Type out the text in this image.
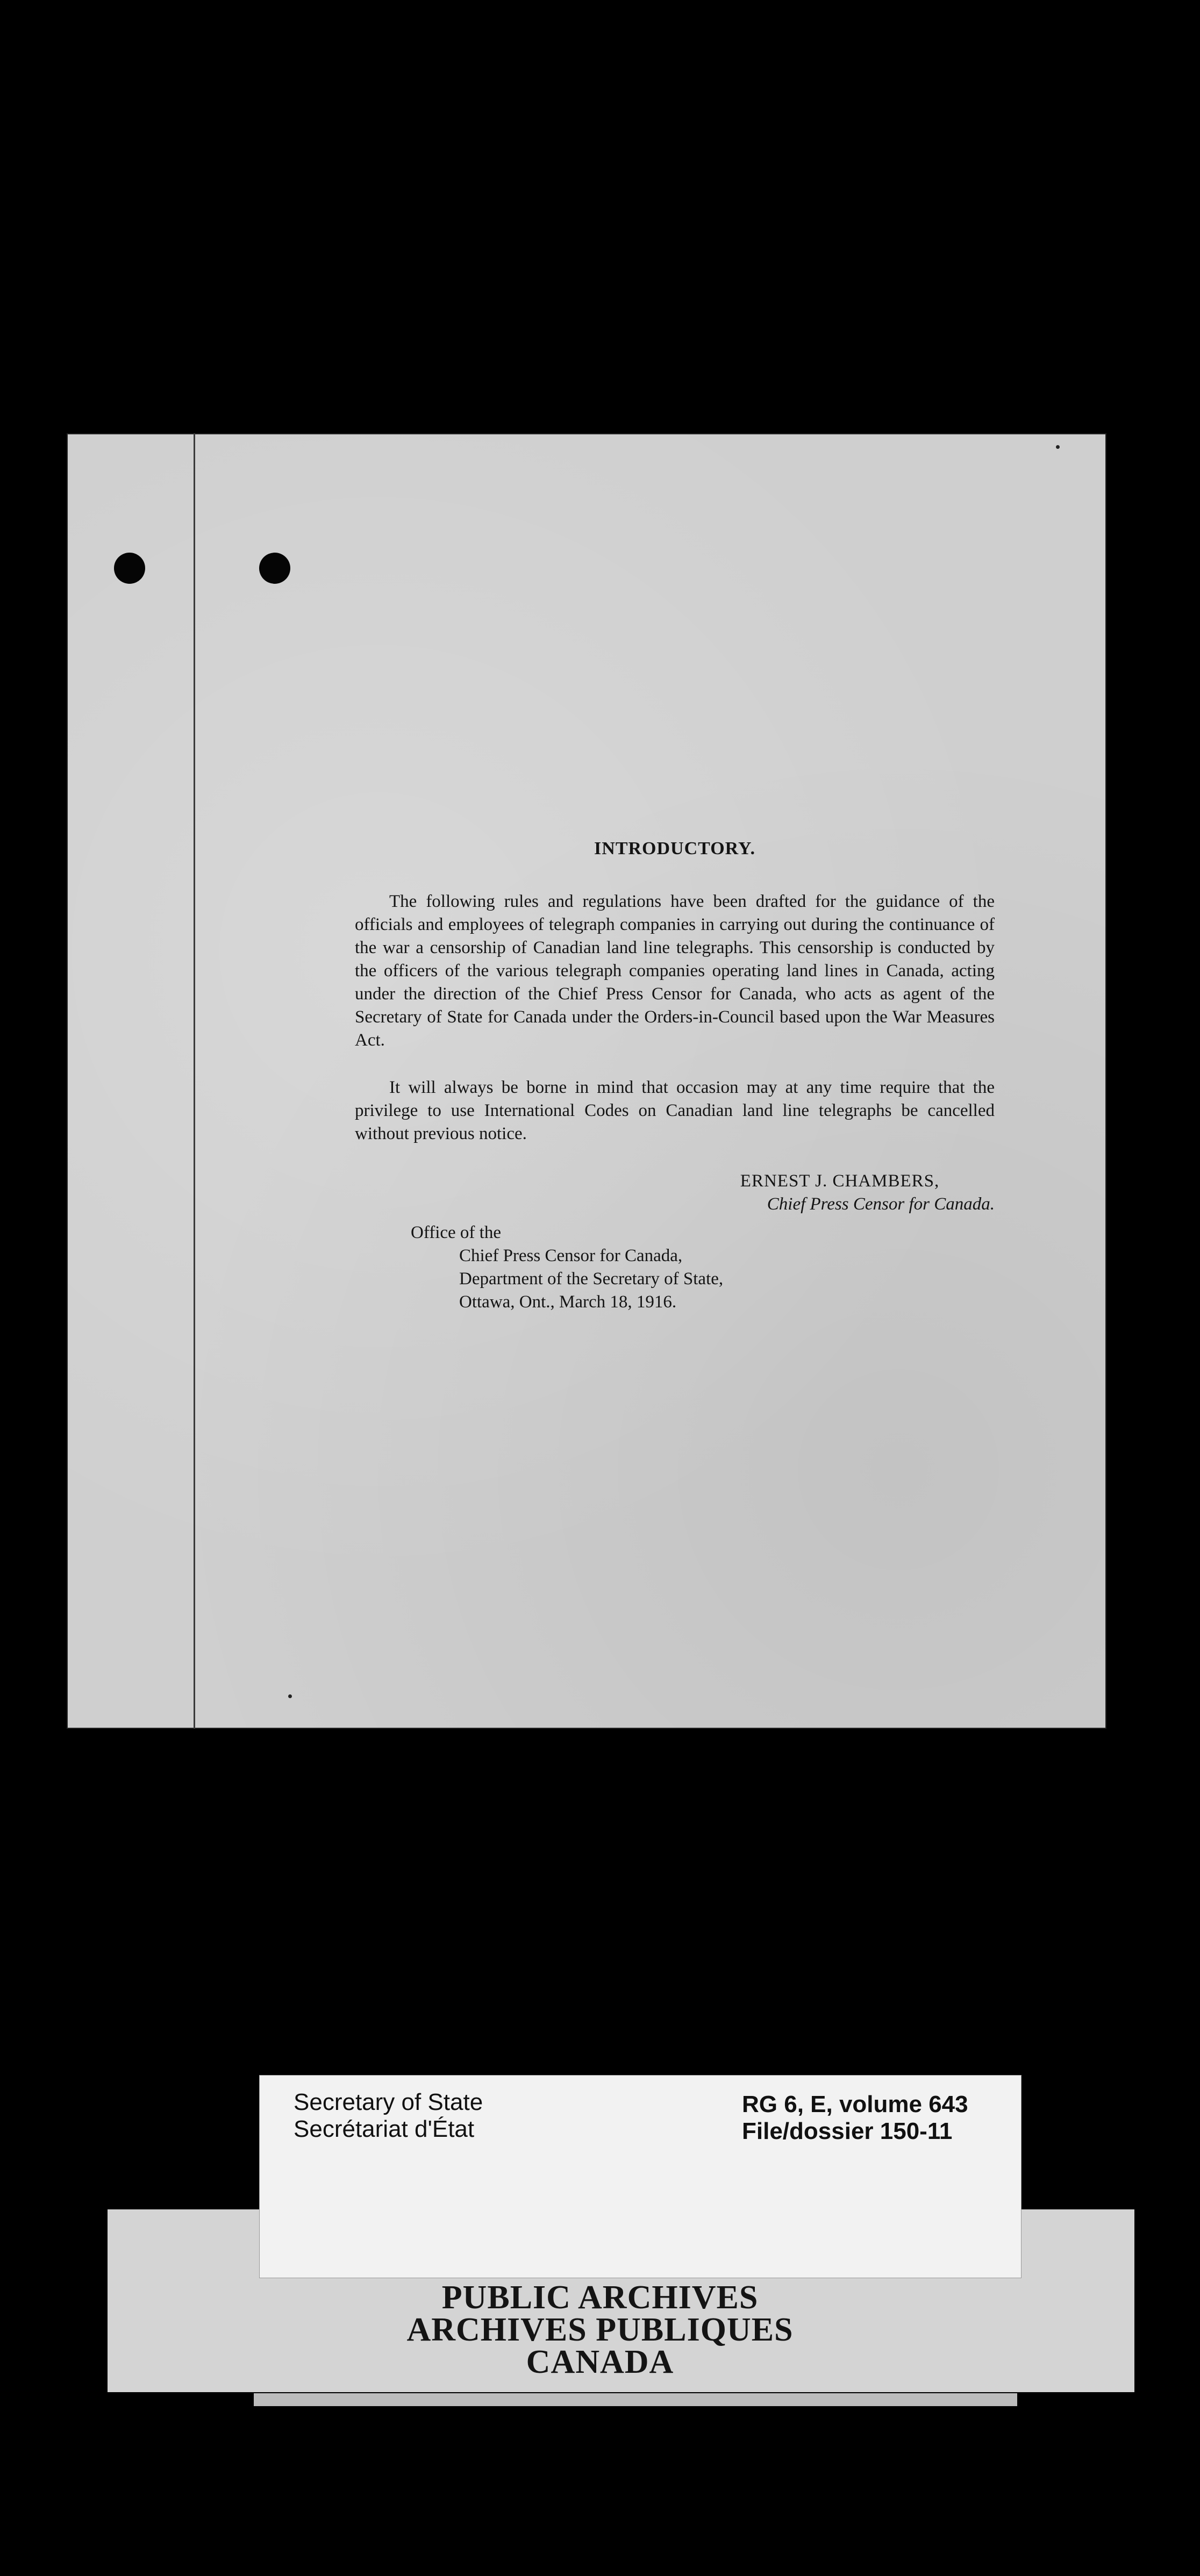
INTRODUCTORY.

The following rules and regulations have been drafted for the guidance of the officials and employees of telegraph companies in carrying out during the continuance of the war a censorship of Canadian land line telegraphs. This censorship is conducted by the officers of the various telegraph companies operating land lines in Canada, acting under the direction of the Chief Press Censor for Canada, who acts as agent of the Secretary of State for Canada under the Orders-in-Council based upon the War Measures Act.

It will always be borne in mind that occasion may at any time require that the privilege to use International Codes on Canadian land line telegraphs be cancelled without previous notice.

ERNEST J. CHAMBERS,
Chief Press Censor for Canada.
Office of the
Chief Press Censor for Canada,
Department of the Secretary of State,
Ottawa, Ont., March 18, 1916.
Secretary of State
Secrétariat d'État
RG 6, E, volume 643
File/dossier 150-11
PUBLIC ARCHIVES
ARCHIVES PUBLIQUES
CANADA
